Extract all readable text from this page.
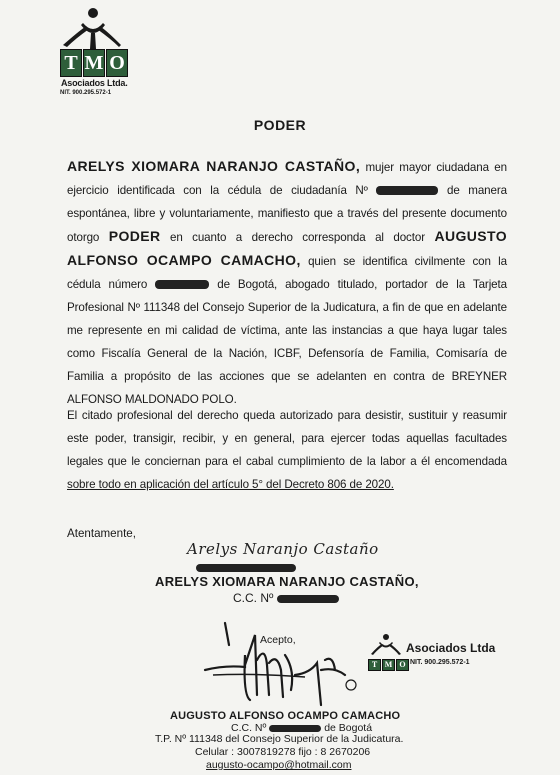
T M O
Asociados Ltda.
NIT. 900.295.572-1
PODER
ARELYS XIOMARA NARANJO CASTAÑO, mujer mayor ciudadana en ejercicio identificada con la cédula de ciudadanía Nº	de manera espontánea, libre y voluntariamente, manifiesto que a través del presente documento otorgo PODER en cuanto a derecho corresponda al doctor AUGUSTO ALFONSO OCAMPO CAMACHO, quien se identifica civilmente con la cédula número	de Bogotá, abogado titulado, portador de la Tarjeta Profesional Nº 111348 del Consejo Superior de la Judicatura, a fin de que en adelante me represente en mi calidad de víctima, ante las instancias a que haya lugar tales como Fiscalía General de la Nación, ICBF, Defensoría de Familia, Comisaría de Familia a propósito de las acciones que se adelanten en contra de BREYNER ALFONSO MALDONADO POLO.
El citado profesional del derecho queda autorizado para desistir, sustituir y reasumir este poder, transigir, recibir, y en general, para ejercer todas aquellas facultades legales que le conciernan para el cabal cumplimiento de la labor a él encomendada sobre todo en aplicación del artículo 5° del Decreto 806 de 2020.
Atentamente,
Arelys Naranjo Castaño
ARELYS XIOMARA NARANJO CASTAÑO,
C.C. Nº
Acepto,
T M O
Asociados Ltda
NIT. 900.295.572-1
AUGUSTO ALFONSO OCAMPO CAMACHO
C.C. Nº	de Bogotá
T.P. Nº 111348 del Consejo Superior de la Judicatura.
Celular : 3007819278 fijo : 8 2670206
augusto-ocampo@hotmail.com
